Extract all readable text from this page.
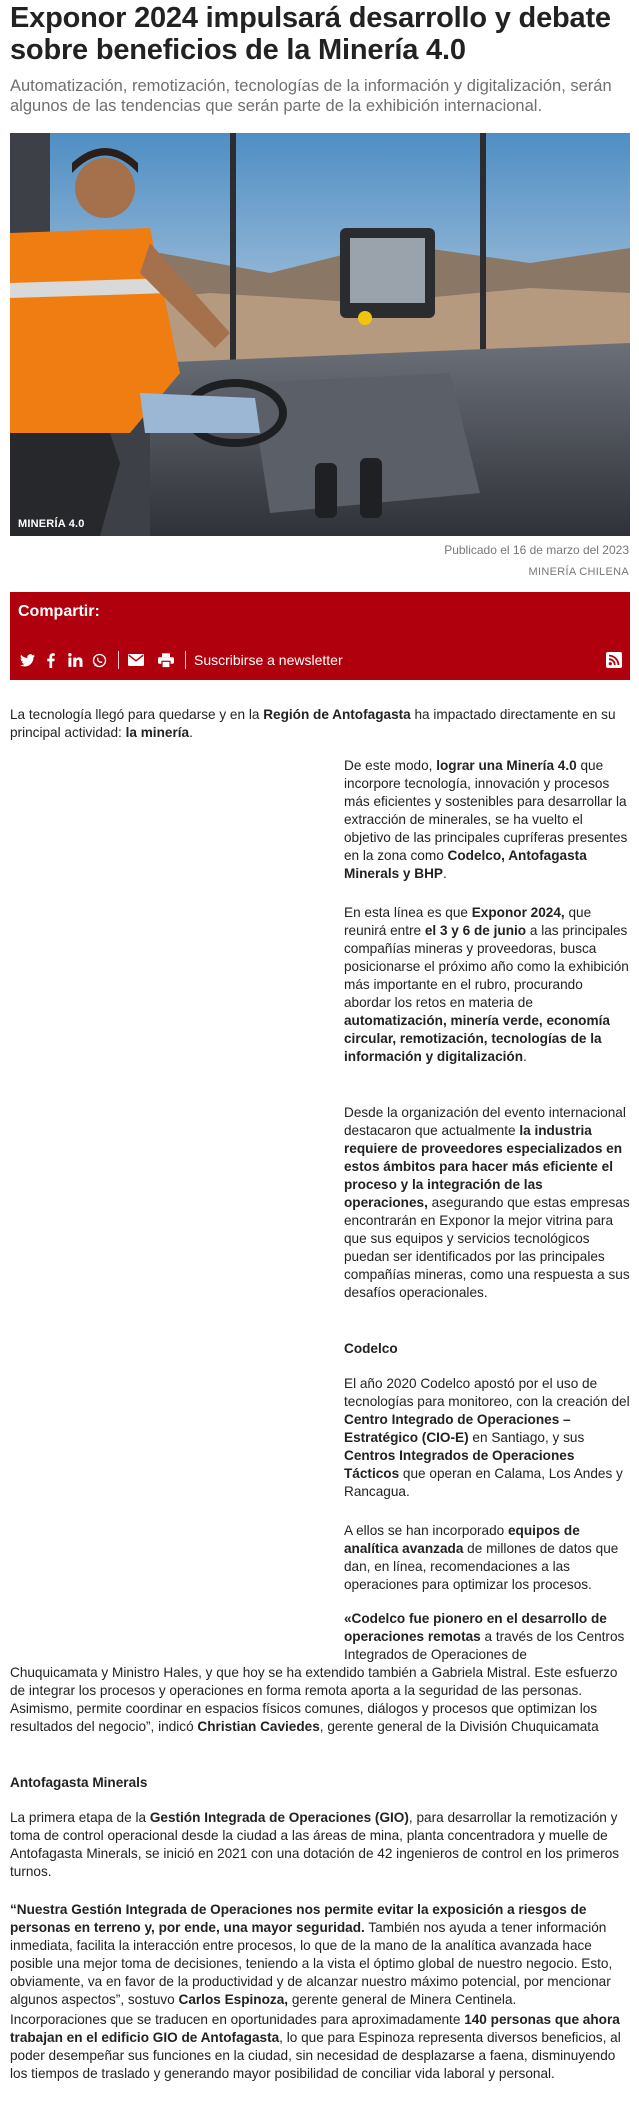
Exponor 2024 impulsará desarrollo y debate sobre beneficios de la Minería 4.0

Automatización, remotización, tecnologías de la información y digitalización, serán algunos de las tendencias que serán parte de la exhibición internacional.

MINERÍA 4.0
Publicado el 16 de marzo del 2023
MINERÍA CHILENA
Compartir:
Suscribirse a newsletter

La tecnología llegó para quedarse y en la Región de Antofagasta ha impactado directamente en su principal actividad: la minería.

De este modo, lograr una Minería 4.0 que incorpore tecnología, innovación y procesos más eficientes y sostenibles para desarrollar la extracción de minerales, se ha vuelto el objetivo de las principales cupríferas presentes en la zona como Codelco, Antofagasta Minerals y BHP.

En esta línea es que Exponor 2024, que reunirá entre el 3 y 6 de junio a las principales compañías mineras y proveedoras, busca posicionarse el próximo año como la exhibición más importante en el rubro, procurando abordar los retos en materia de automatización, minería verde, economía circular, remotización, tecnologías de la información y digitalización.

Desde la organización del evento internacional destacaron que actualmente la industria requiere de proveedores especializados en estos ámbitos para hacer más eficiente el proceso y la integración de las operaciones, asegurando que estas empresas encontrarán en Exponor la mejor vitrina para que sus equipos y servicios tecnológicos puedan ser identificados por las principales compañías mineras, como una respuesta a sus desafíos operacionales.

Codelco

El año 2020 Codelco apostó por el uso de tecnologías para monitoreo, con la creación del Centro Integrado de Operaciones – Estratégico (CIO-E) en Santiago, y sus Centros Integrados de Operaciones Tácticos que operan en Calama, Los Andes y Rancagua.

A ellos se han incorporado equipos de analítica avanzada de millones de datos que dan, en línea, recomendaciones a las operaciones para optimizar los procesos.

«Codelco fue pionero en el desarrollo de operaciones remotas a través de los Centros Integrados de Operaciones de

Chuquicamata y Ministro Hales, y que hoy se ha extendido también a Gabriela Mistral. Este esfuerzo de integrar los procesos y operaciones en forma remota aporta a la seguridad de las personas. Asimismo, permite coordinar en espacios físicos comunes, diálogos y procesos que optimizan los resultados del negocio”, indicó Christian Caviedes, gerente general de la División Chuquicamata

Antofagasta Minerals

La primera etapa de la Gestión Integrada de Operaciones (GIO), para desarrollar la remotización y toma de control operacional desde la ciudad a las áreas de mina, planta concentradora y muelle de Antofagasta Minerals, se inició en 2021 con una dotación de 42 ingenieros de control en los primeros turnos.

“Nuestra Gestión Integrada de Operaciones nos permite evitar la exposición a riesgos de personas en terreno y, por ende, una mayor seguridad. También nos ayuda a tener información inmediata, facilita la interacción entre procesos, lo que de la mano de la analítica avanzada hace posible una mejor toma de decisiones, teniendo a la vista el óptimo global de nuestro negocio. Esto, obviamente, va en favor de la productividad y de alcanzar nuestro máximo potencial, por mencionar algunos aspectos”, sostuvo Carlos Espinoza, gerente general de Minera Centinela.

Incorporaciones que se traducen en oportunidades para aproximadamente 140 personas que ahora trabajan en el edificio GIO de Antofagasta, lo que para Espinoza representa diversos beneficios, al poder desempeñar sus funciones en la ciudad, sin necesidad de desplazarse a faena, disminuyendo los tiempos de traslado y generando mayor posibilidad de conciliar vida laboral y personal.
